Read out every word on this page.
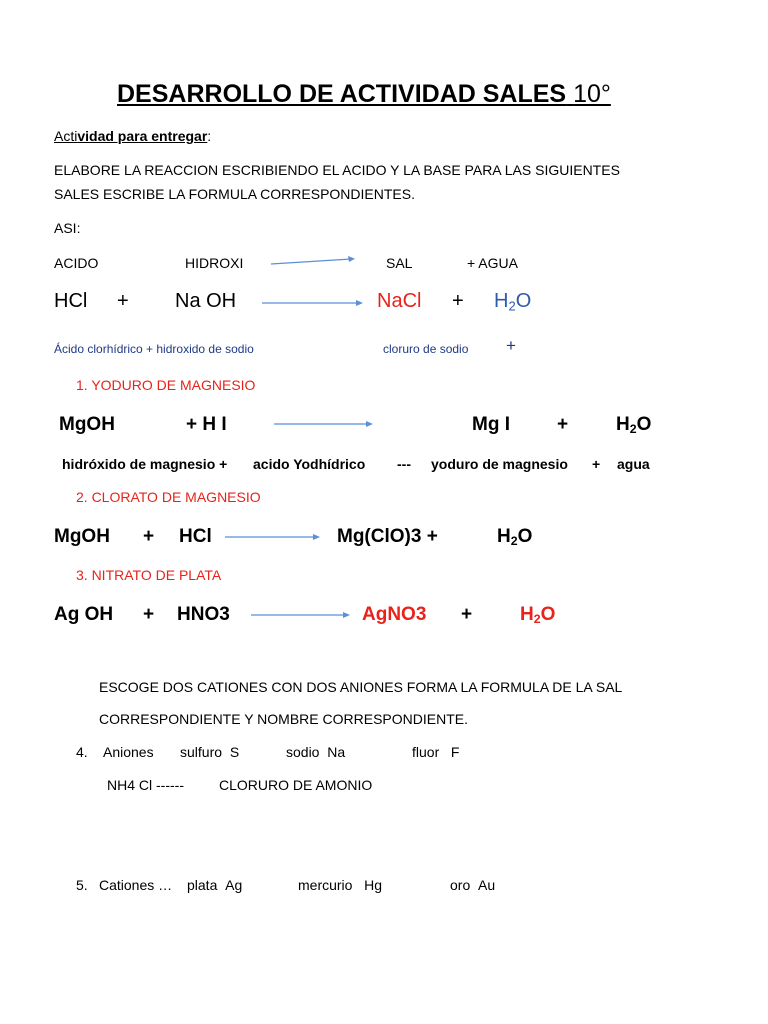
DESARROLLO DE ACTIVIDAD SALES 10°
Actividad para entregar:
ELABORE LA REACCION ESCRIBIENDO EL ACIDO Y LA BASE PARA LAS SIGUIENTES
SALES ESCRIBE LA FORMULA CORRESPONDIENTES.
ASI:
ACIDO	HIDROXI	SAL	+ AGUA
HCl + Na OH	NaCl + $H_2O$
Ácido clorhídrico + hidroxido de sodio	cloruro de sodio +
1. YODURO DE MAGNESIO
MgOH	+ H I	Mg I +	$H_2O$
hidróxido de magnesio + acido Yodhídrico --- yoduro de magnesio + agua
2. CLORATO DE MAGNESIO
MgOH + HCl	Mg(ClO)3 +	$H_2O$
3. NITRATO DE PLATA
Ag OH + HNO3	AgNO3 +	$H_2O$
ESCOGE DOS CATIONES CON DOS ANIONES FORMA LA FORMULA DE LA SAL
CORRESPONDIENTE Y NOMBRE CORRESPONDIENTE.
4. Aniones sulfuro S	sodio Na	fluor F
NH4 Cl ------	CLORURO DE AMONIO
5. Cationes … plata Ag	mercurio Hg	oro Au
